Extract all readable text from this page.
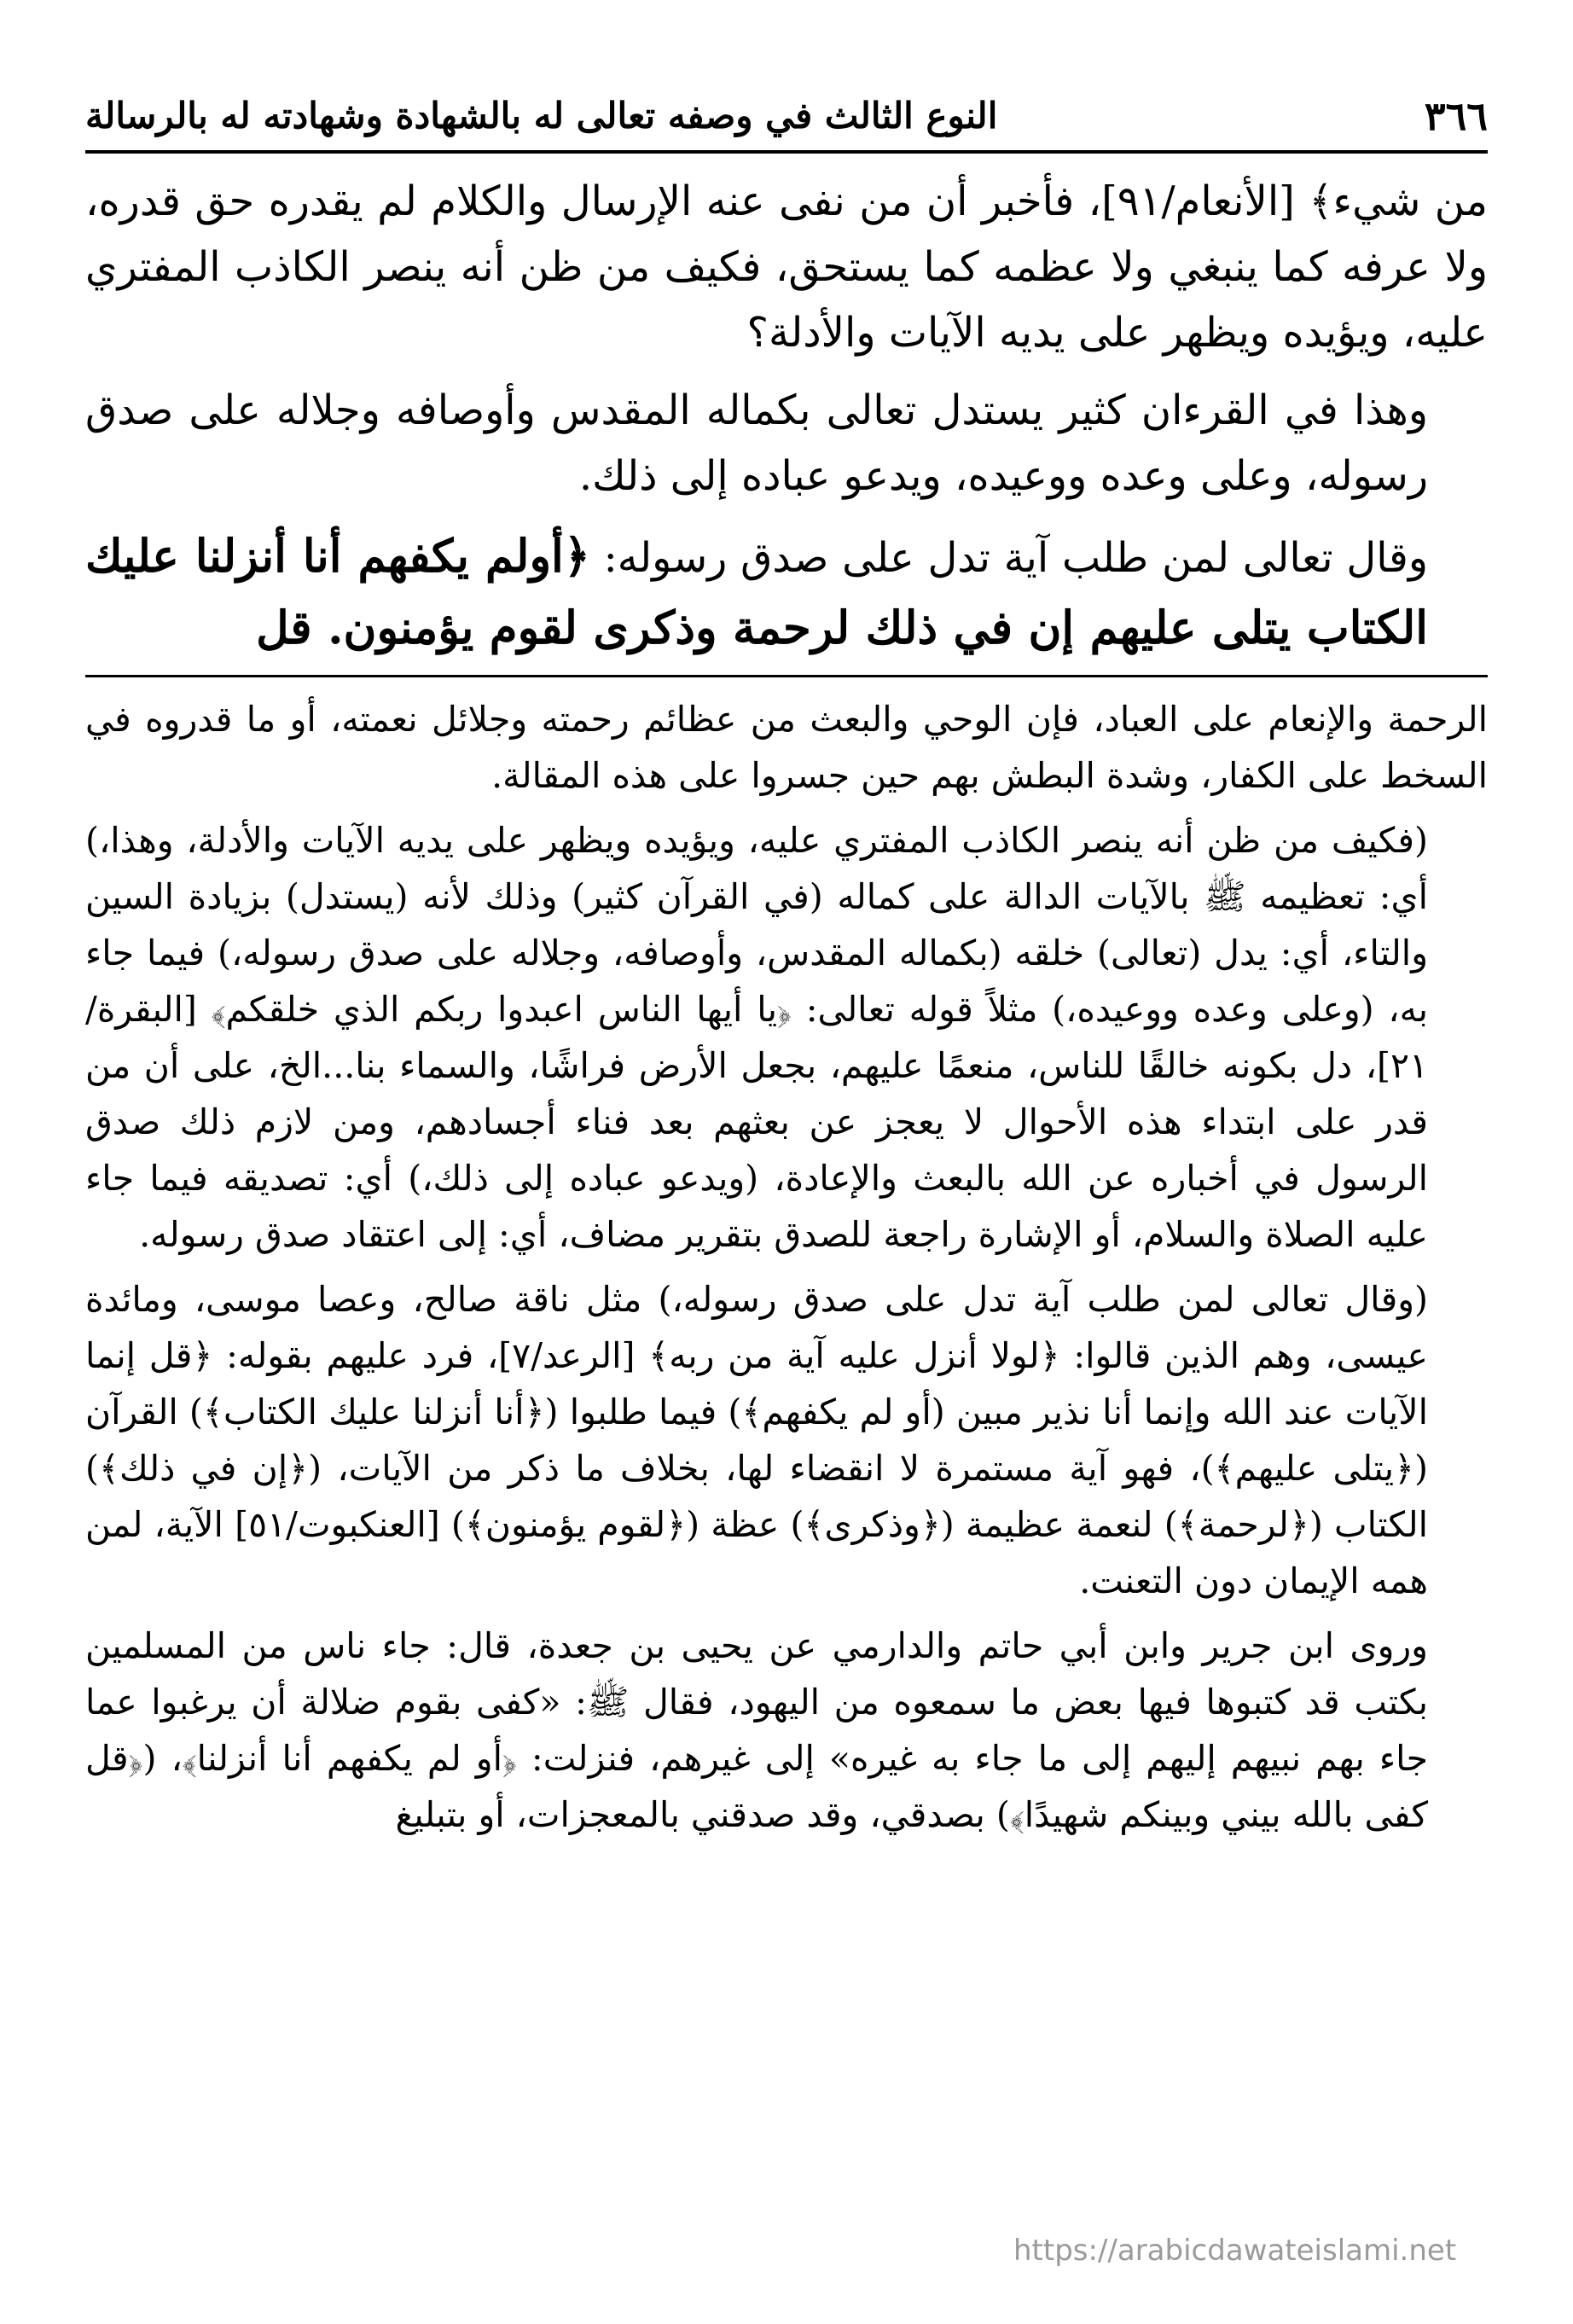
٣٦٦
النوع الثالث في وصفه تعالى له بالشهادة وشهادته له بالرسالة

من شيء﴾ [الأنعام/٩١]، فأخبر أن من نفى عنه الإرسال والكلام لم يقدره حق قدره، ولا عرفه كما ينبغي ولا عظمه كما يستحق، فكيف من ظن أنه ينصر الكاذب المفتري عليه، ويؤيده ويظهر على يديه الآيات والأدلة؟

وهذا في القرءان كثير يستدل تعالى بكماله المقدس وأوصافه وجلاله على صدق رسوله، وعلى وعده ووعيده، ويدعو عباده إلى ذلك.

وقال تعالى لمن طلب آية تدل على صدق رسوله: ﴿أولم يكفهم أنا أنزلنا عليك الكتاب يتلى عليهم إن في ذلك لرحمة وذكرى لقوم يؤمنون. قل

الرحمة والإنعام على العباد، فإن الوحي والبعث من عظائم رحمته وجلائل نعمته، أو ما قدروه في السخط على الكفار، وشدة البطش بهم حين جسروا على هذه المقالة.

(فكيف من ظن أنه ينصر الكاذب المفتري عليه، ويؤيده ويظهر على يديه الآيات والأدلة، وهذا،) أي: تعظيمه ﷺ بالآيات الدالة على كماله (في القرآن كثير) وذلك لأنه (يستدل) بزيادة السين والتاء، أي: يدل (تعالى) خلقه (بكماله المقدس، وأوصافه، وجلاله على صدق رسوله،) فيما جاء به، (وعلى وعده ووعيده،) مثلاً قوله تعالى: ﴿يا أيها الناس اعبدوا ربكم الذي خلقكم﴾ [البقرة/٢١]، دل بكونه خالقًا للناس، منعمًا عليهم، بجعل الأرض فراشًا، والسماء بنا...الخ، على أن من قدر على ابتداء هذه الأحوال لا يعجز عن بعثهم بعد فناء أجسادهم، ومن لازم ذلك صدق الرسول في أخباره عن الله بالبعث والإعادة، (ويدعو عباده إلى ذلك،) أي: تصديقه فيما جاء عليه الصلاة والسلام، أو الإشارة راجعة للصدق بتقرير مضاف، أي: إلى اعتقاد صدق رسوله.

(وقال تعالى لمن طلب آية تدل على صدق رسوله،) مثل ناقة صالح، وعصا موسى، ومائدة عيسى، وهم الذين قالوا: ﴿لولا أنزل عليه آية من ربه﴾ [الرعد/٧]، فرد عليهم بقوله: ﴿قل إنما الآيات عند الله وإنما أنا نذير مبين (أو لم يكفهم﴾) فيما طلبوا (﴿أنا أنزلنا عليك الكتاب﴾) القرآن (﴿يتلى عليهم﴾)، فهو آية مستمرة لا انقضاء لها، بخلاف ما ذكر من الآيات، (﴿إن في ذلك﴾) الكتاب (﴿لرحمة﴾) لنعمة عظيمة (﴿وذكرى﴾) عظة (﴿لقوم يؤمنون﴾) [العنكبوت/٥١] الآية، لمن همه الإيمان دون التعنت.

وروى ابن جرير وابن أبي حاتم والدارمي عن يحيى بن جعدة، قال: جاء ناس من المسلمين بكتب قد كتبوها فيها بعض ما سمعوه من اليهود، فقال ﷺ: «كفى بقوم ضلالة أن يرغبوا عما جاء بهم نبيهم إليهم إلى ما جاء به غيره» إلى غيرهم، فنزلت: ﴿أو لم يكفهم أنا أنزلنا﴾، (﴿قل كفى بالله بيني وبينكم شهيدًا﴾) بصدقي، وقد صدقني بالمعجزات، أو بتبليغ

https://arabicdawateislami.net
